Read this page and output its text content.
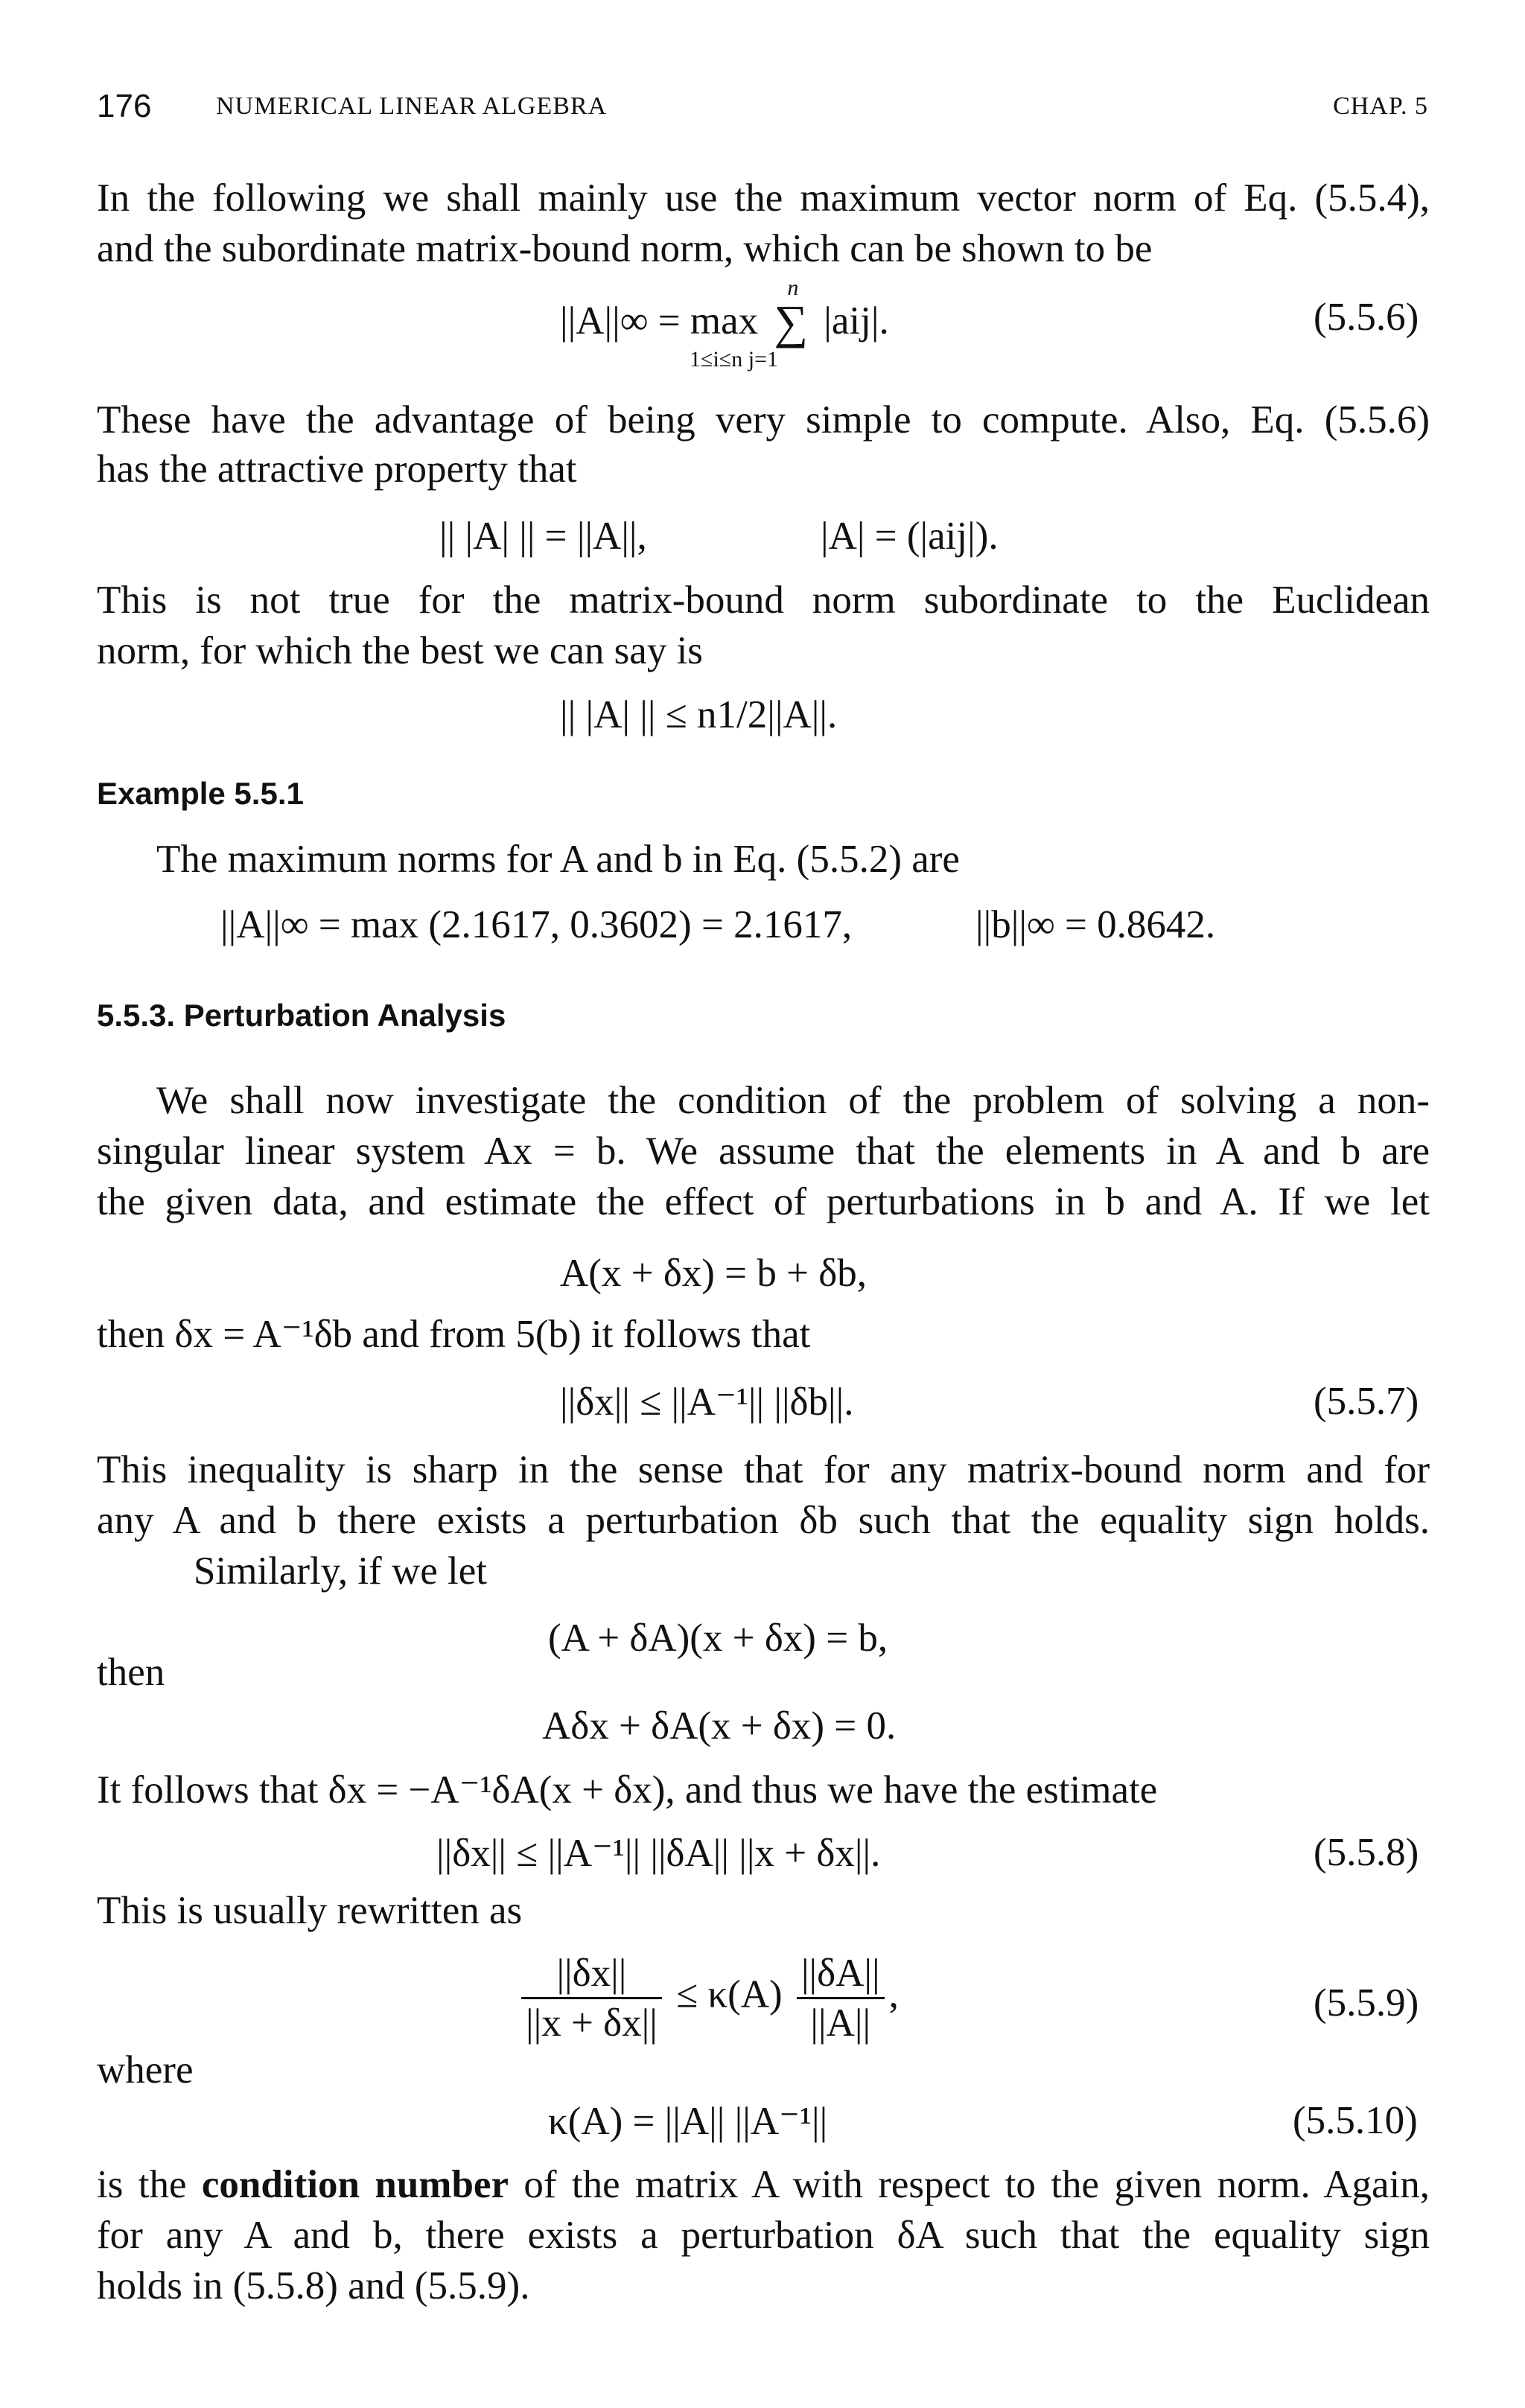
176	NUMERICAL LINEAR ALGEBRA	CHAP. 5
In the following we shall mainly use the maximum vector norm of Eq. (5.5.4),
and the subordinate matrix-bound norm, which can be shown to be
||A||∞ = max ∑
n
|aij|.
1≤i≤n j=1
(5.5.6)
These have the advantage of being very simple to compute. Also, Eq. (5.5.6)
has the attractive property that
|| |A| || = ||A||,	|A| = (|aij|).
This is not true for the matrix-bound norm subordinate to the Euclidean
norm, for which the best we can say is
|| |A| || ≤ n1/2||A||.
Example 5.5.1
The maximum norms for A and b in Eq. (5.5.2) are
||A||∞ = max (2.1617, 0.3602) = 2.1617,	||b||∞ = 0.8642.
5.5.3. Perturbation Analysis
We shall now investigate the condition of the problem of solving a non-
singular linear system Ax = b. We assume that the elements in A and b are
the given data, and estimate the effect of perturbations in b and A. If we let
A(x + δx) = b + δb,
then δx = A⁻¹δb and from 5(b) it follows that
||δx|| ≤ ||A⁻¹|| ||δb||.	(5.5.7)
This inequality is sharp in the sense that for any matrix-bound norm and for
any A and b there exists a perturbation δb such that the equality sign holds.
Similarly, if we let
(A + δA)(x + δx) = b,
then
Aδx + δA(x + δx) = 0.
It follows that δx = −A⁻¹δA(x + δx), and thus we have the estimate
||δx|| ≤ ||A⁻¹|| ||δA|| ||x + δx||.	(5.5.8)
This is usually rewritten as
$\frac{||\delta x||}{||x + \delta x||} \le \kappa(A) \frac{||\delta A||}{||A||}$ ,	(5.5.9)
where
κ(A) = ||A|| ||A⁻¹||	(5.5.10)
is the condition number of the matrix A with respect to the given norm. Again,
for any A and b, there exists a perturbation δA such that the equality sign
holds in (5.5.8) and (5.5.9).
